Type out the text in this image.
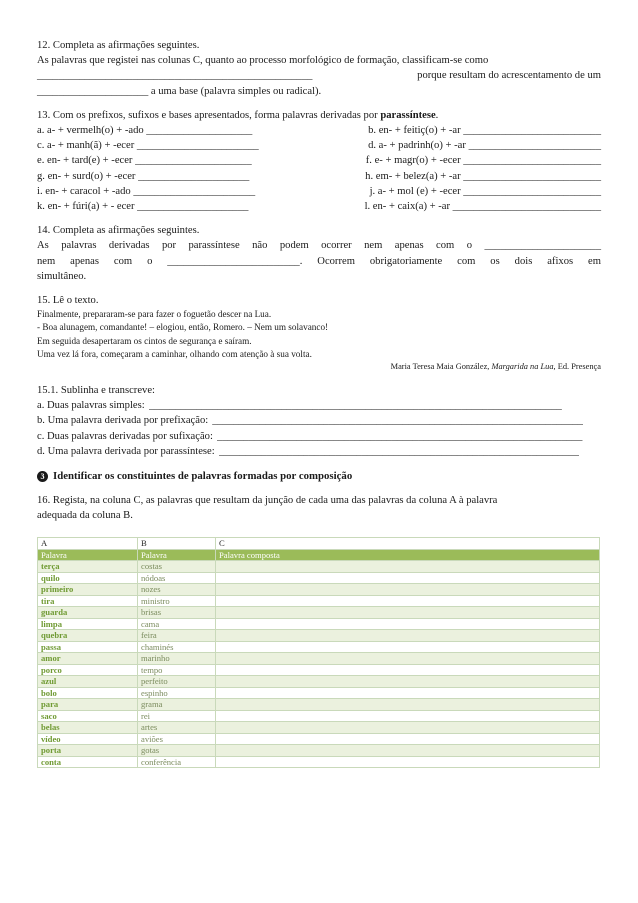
12. Completa as afirmações seguintes.

As palavras que registei nas colunas C, quanto ao processo morfológico de formação, classificam-se como

____________________________________________________	porque resultam do acrescentamento de um

_____________________ a uma base (palavra simples ou radical).

13. Com os prefixos, sufixos e bases apresentados, forma palavras derivadas por parassíntese.

a. a- + vermelh(o) + -ado ____________________	b. en- + feitiç(o) + -ar __________________________
c. a- + manh(ã) + -ecer _______________________	d. a- + padrinh(o) + -ar _________________________
e. en- + tard(e) + -ecer ______________________	f. e- + magr(o) + -ecer __________________________
g. en- + surd(o) + -ecer _____________________	h. em- + belez(a) + -ar __________________________
i. en- + caracol + -ado _______________________	j. a- + mol (e) + -ecer __________________________
k. en- + fúri(a) + - ecer _____________________	l. en- + caix(a) + -ar ____________________________

14. Completa as afirmações seguintes.

As palavras derivadas por parassíntese não podem ocorrer nem apenas com o ______________________

nem apenas com o _________________________. Ocorrem obrigatoriamente com os dois afixos em

simultâneo.

15. Lê o texto.

Finalmente, prepararam-se para fazer o foguetão descer na Lua.

- Boa alunagem, comandante! – elogiou, então, Romero. – Nem um solavanco!

Em seguida desapertaram os cintos de segurança e saíram.

Uma vez lá fora, começaram a caminhar, olhando com atenção à sua volta.

Maria Teresa Maia González, Margarida na Lua, Ed. Presença

15.1. Sublinha e transcreve:

a. Duas palavras simples: ______________________________________________________________________________
b. Uma palavra derivada por prefixação: ______________________________________________________________________
c. Duas palavras derivadas por sufixação: _____________________________________________________________________
d. Uma palavra derivada por parassíntese: ____________________________________________________________________
3 Identificar os constituintes de palavras formadas por composição

16. Regista, na coluna C, as palavras que resultam da junção de cada uma das palavras da coluna A à palavra

adequada da coluna B.

A	B	C
Palavra	Palavra	Palavra composta
terça	costas	
quilo	nódoas	
primeiro	nozes	
tira	ministro	
guarda	brisas	
limpa	cama	
quebra	feira	
passa	chaminés	
amor	marinho	
porco	tempo	
azul	perfeito	
bolo	espinho	
para	grama	
saco	rei	
belas	artes	
vídeo	aviões	
porta	gotas	
conta	conferência	
